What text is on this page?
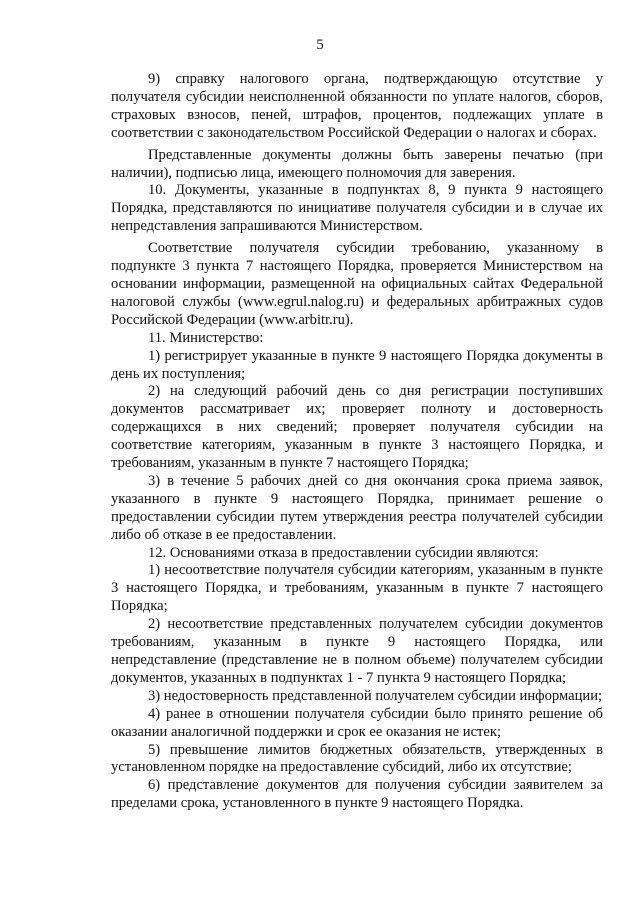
5

9) справку налогового органа, подтверждающую отсутствие у получателя субсидии неисполненной обязанности по уплате налогов, сборов, страховых взносов, пеней, штрафов, процентов, подлежащих уплате в соответствии с законодательством Российской Федерации о налогах и сборах.

Представленные документы должны быть заверены печатью (при наличии), подписью лица, имеющего полномочия для заверения.

10. Документы, указанные в подпунктах 8, 9 пункта 9 настоящего Порядка, представляются по инициативе получателя субсидии и в случае их непредставления запрашиваются Министерством.

Соответствие получателя субсидии требованию, указанному в подпункте 3 пункта 7 настоящего Порядка, проверяется Министерством на основании информации, размещенной на официальных сайтах Федеральной налоговой службы (www.egrul.nalog.ru) и федеральных арбитражных судов Российской Федерации (www.arbitr.ru).

11. Министерство:

1) регистрирует указанные в пункте 9 настоящего Порядка документы в день их поступления;

2) на следующий рабочий день со дня регистрации поступивших документов рассматривает их; проверяет полноту и достоверность содержащихся в них сведений; проверяет получателя субсидии на соответствие категориям, указанным в пункте 3 настоящего Порядка, и требованиям, указанным в пункте 7 настоящего Порядка;

3) в течение 5 рабочих дней со дня окончания срока приема заявок, указанного в пункте 9 настоящего Порядка, принимает решение о предоставлении субсидии путем утверждения реестра получателей субсидии либо об отказе в ее предоставлении.

12. Основаниями отказа в предоставлении субсидии являются:

1) несоответствие получателя субсидии категориям, указанным в пункте 3 настоящего Порядка, и требованиям, указанным в пункте 7 настоящего Порядка;

2) несоответствие представленных получателем субсидии документов требованиям, указанным в пункте 9 настоящего Порядка, или непредставление (представление не в полном объеме) получателем субсидии документов, указанных в подпунктах 1 - 7 пункта 9 настоящего Порядка;

3) недостоверность представленной получателем субсидии информации;

4) ранее в отношении получателя субсидии было принято решение об оказании аналогичной поддержки и срок ее оказания не истек;

5) превышение лимитов бюджетных обязательств, утвержденных в установленном порядке на предоставление субсидий, либо их отсутствие;

6) представление документов для получения субсидии заявителем за пределами срока, установленного в пункте 9 настоящего Порядка.
